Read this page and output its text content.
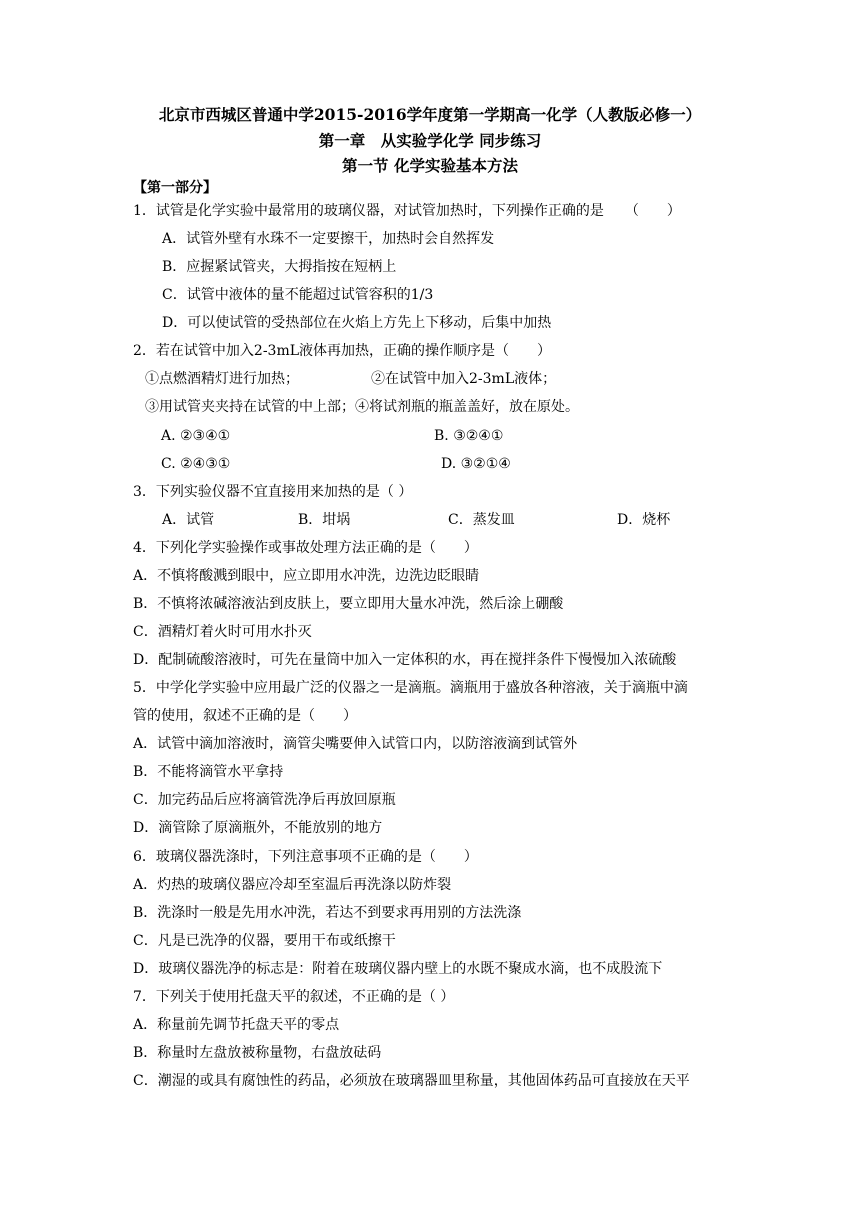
北京市西城区普通中学2015-2016学年度第一学期高一化学（人教版必修一）
第一章　从实验学化学 同步练习
第一节 化学实验基本方法
【第一部分】
1．试管是化学实验中最常用的玻璃仪器，对试管加热时，下列操作正确的是　　（　　）
A．试管外壁有水珠不一定要擦干，加热时会自然挥发
B．应握紧试管夹，大拇指按在短柄上
C．试管中液体的量不能超过试管容积的1/3
D．可以使试管的受热部位在火焰上方先上下移动，后集中加热
2．若在试管中加入2-3mL液体再加热，正确的操作顺序是（　　）
①点燃酒精灯进行加热；	②在试管中加入2-3mL液体；
③用试管夹夹持在试管的中上部；④将试剂瓶的瓶盖盖好，放在原处。
A. ②③④①	B. ③②④①
C. ②④③①	D. ③②①④
3．下列实验仪器不宜直接用来加热的是（ ）
A．试管	B．坩埚	C．蒸发皿	D．烧杯
4．下列化学实验操作或事故处理方法正确的是（　　）
A．不慎将酸溅到眼中，应立即用水冲洗，边洗边眨眼睛
B．不慎将浓碱溶液沾到皮肤上，要立即用大量水冲洗，然后涂上硼酸
C．酒精灯着火时可用水扑灭
D．配制硫酸溶液时，可先在量筒中加入一定体积的水，再在搅拌条件下慢慢加入浓硫酸
5．中学化学实验中应用最广泛的仪器之一是滴瓶。滴瓶用于盛放各种溶液，关于滴瓶中滴
管的使用，叙述不正确的是（　　）
A．试管中滴加溶液时，滴管尖嘴要伸入试管口内，以防溶液滴到试管外
B．不能将滴管水平拿持
C．加完药品后应将滴管洗净后再放回原瓶
D．滴管除了原滴瓶外，不能放别的地方
6．玻璃仪器洗涤时，下列注意事项不正确的是（　　）
A．灼热的玻璃仪器应冷却至室温后再洗涤以防炸裂
B．洗涤时一般是先用水冲洗，若达不到要求再用别的方法洗涤
C．凡是已洗净的仪器，要用干布或纸擦干
D．玻璃仪器洗净的标志是：附着在玻璃仪器内壁上的水既不聚成水滴，也不成股流下
7．下列关于使用托盘天平的叙述，不正确的是（ ）
A．称量前先调节托盘天平的零点
B．称量时左盘放被称量物，右盘放砝码
C．潮湿的或具有腐蚀性的药品，必须放在玻璃器皿里称量，其他固体药品可直接放在天平
